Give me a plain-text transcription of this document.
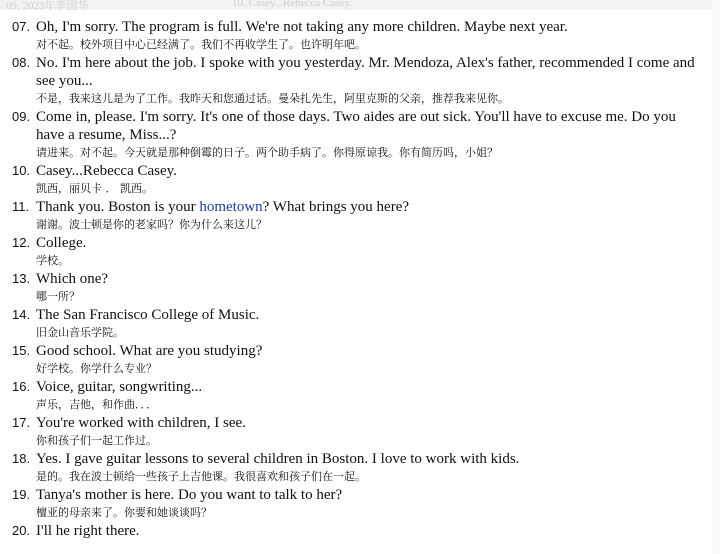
09. 2023年李国华	10. Casey...Rebecca Casey.
07. Oh, I'm sorry. The program is full. We're not taking any more children. Maybe next year.
对不起。校外项目中心已经满了。我们不再收学生了。也许明年吧。
08. No. I'm here about the job. I spoke with you yesterday. Mr. Mendoza, Alex's father, recommended I come and see you...
不是，我来这儿是为了工作。我昨天和您通过话。曼朵扎先生，阿里克斯的父亲，推荐我来见你。
09. Come in, please. I'm sorry. It's one of those days. Two aides are out sick. You'll have to excuse me. Do you have a resume, Miss...?
请进来。对不起。今天就是那种倒霉的日子。两个助手病了。你得原谅我。你有简历吗，小姐？
10. Casey...Rebecca Casey.
凯西，丽贝卡 ． 凯西。
11. Thank you. Boston is your hometown? What brings you here?
谢谢。波士顿是你的老家吗？你为什么来这儿？
12. College.
学校。
13. Which one?
哪一所？
14. The San Francisco College of Music.
旧金山音乐学院。
15. Good school. What are you studying?
好学校。你学什么专业？
16. Voice, guitar, songwriting...
声乐，吉他，和作曲．．．
17. You're worked with children, I see.
你和孩子们一起工作过。
18. Yes. I gave guitar lessons to several children in Boston. I love to work with kids.
是的。我在波士顿给一些孩子上吉他课。我很喜欢和孩子们在一起。
19. Tanya's mother is here. Do you want to talk to her?
檀亚的母亲来了。你要和她谈谈吗？
20. I'll he right there.
